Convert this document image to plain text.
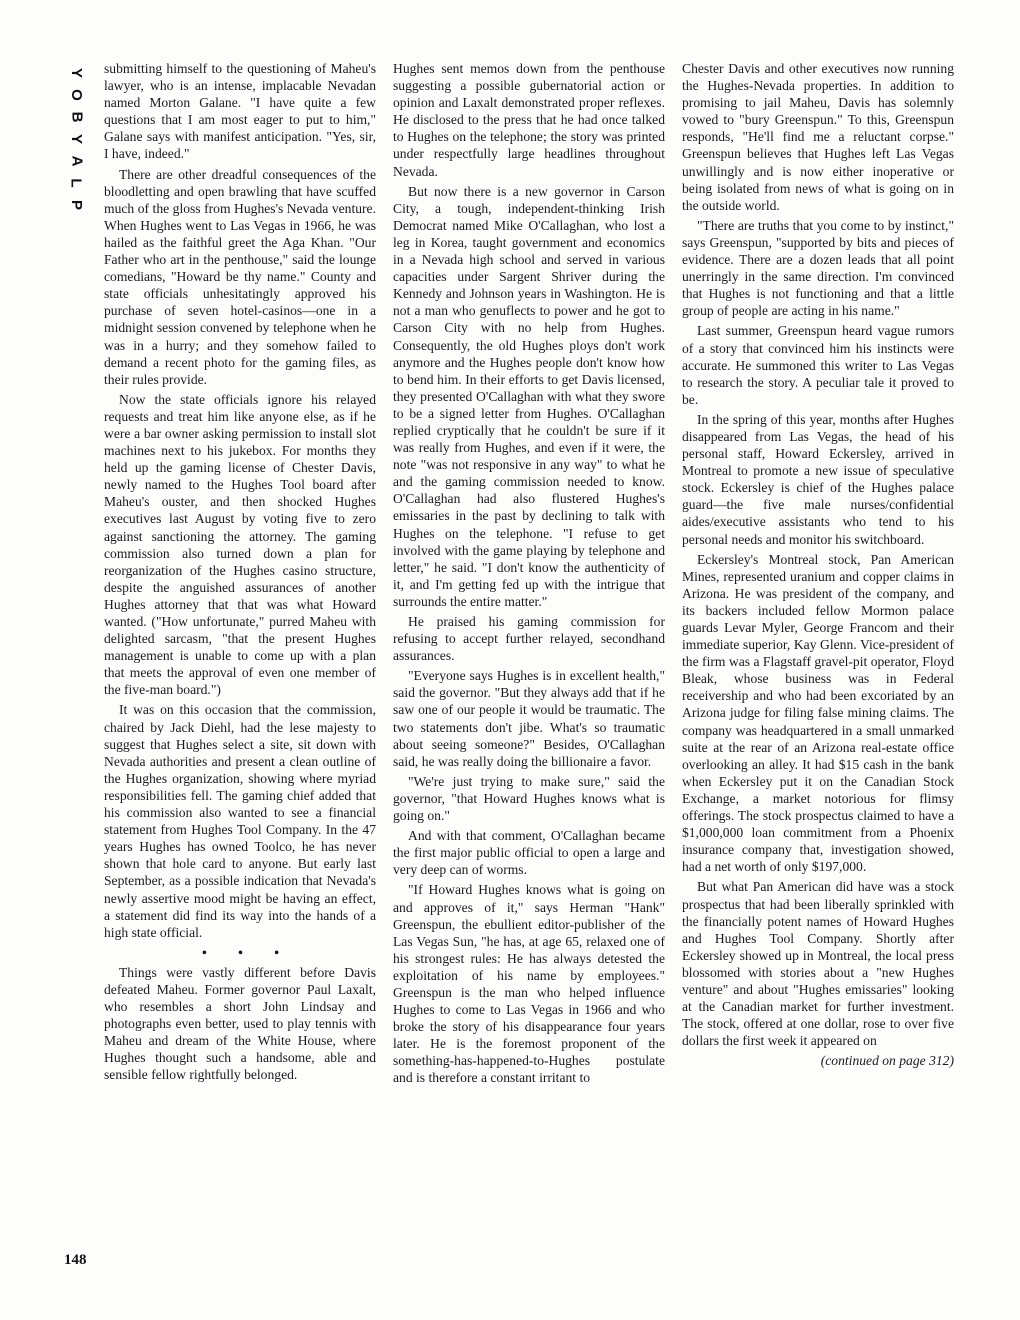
Y
O
B
Y
A
L
P
148

submitting himself to the questioning of Maheu's lawyer, who is an intense, implacable Nevadan named Morton Galane. "I have quite a few questions that I am most eager to put to him," Galane says with manifest anticipation. "Yes, sir, I have, indeed."

There are other dreadful consequences of the bloodletting and open brawling that have scuffed much of the gloss from Hughes's Nevada venture. When Hughes went to Las Vegas in 1966, he was hailed as the faithful greet the Aga Khan. "Our Father who art in the penthouse," said the lounge comedians, "Howard be thy name." County and state officials unhesitatingly approved his purchase of seven hotel-casinos—one in a midnight session convened by telephone when he was in a hurry; and they somehow failed to demand a recent photo for the gaming files, as their rules provide.

Now the state officials ignore his relayed requests and treat him like anyone else, as if he were a bar owner asking permission to install slot machines next to his jukebox. For months they held up the gaming license of Chester Davis, newly named to the Hughes Tool board after Maheu's ouster, and then shocked Hughes executives last August by voting five to zero against sanctioning the attorney. The gaming commission also turned down a plan for reorganization of the Hughes casino structure, despite the anguished assurances of another Hughes attorney that that was what Howard wanted. ("How unfortunate," purred Maheu with delighted sarcasm, "that the present Hughes management is unable to come up with a plan that meets the approval of even one member of the five-man board.")

It was on this occasion that the commission, chaired by Jack Diehl, had the lese majesty to suggest that Hughes select a site, sit down with Nevada authorities and present a clean outline of the Hughes organization, showing where myriad responsibilities fell. The gaming chief added that his commission also wanted to see a financial statement from Hughes Tool Company. In the 47 years Hughes has owned Toolco, he has never shown that hole card to anyone. But early last September, as a possible indication that Nevada's newly assertive mood might be having an effect, a statement did find its way into the hands of a high state official.

• • •

Things were vastly different before Davis defeated Maheu. Former governor Paul Laxalt, who resembles a short John Lindsay and photographs even better, used to play tennis with Maheu and dream of the White House, where Hughes thought such a handsome, able and sensible fellow rightfully belonged.

Hughes sent memos down from the penthouse suggesting a possible gubernatorial action or opinion and Laxalt demonstrated proper reflexes. He disclosed to the press that he had once talked to Hughes on the telephone; the story was printed under respectfully large headlines throughout Nevada.

But now there is a new governor in Carson City, a tough, independent-thinking Irish Democrat named Mike O'Callaghan, who lost a leg in Korea, taught government and economics in a Nevada high school and served in various capacities under Sargent Shriver during the Kennedy and Johnson years in Washington. He is not a man who genuflects to power and he got to Carson City with no help from Hughes. Consequently, the old Hughes ploys don't work anymore and the Hughes people don't know how to bend him. In their efforts to get Davis licensed, they presented O'Callaghan with what they swore to be a signed letter from Hughes. O'Callaghan replied cryptically that he couldn't be sure if it was really from Hughes, and even if it were, the note "was not responsive in any way" to what he and the gaming commission needed to know. O'Callaghan had also flustered Hughes's emissaries in the past by declining to talk with Hughes on the telephone. "I refuse to get involved with the game playing by telephone and letter," he said. "I don't know the authenticity of it, and I'm getting fed up with the intrigue that surrounds the entire matter."

He praised his gaming commission for refusing to accept further relayed, secondhand assurances.

"Everyone says Hughes is in excellent health," said the governor. "But they always add that if he saw one of our people it would be traumatic. The two statements don't jibe. What's so traumatic about seeing someone?" Besides, O'Callaghan said, he was really doing the billionaire a favor.

"We're just trying to make sure," said the governor, "that Howard Hughes knows what is going on."

And with that comment, O'Callaghan became the first major public official to open a large and very deep can of worms.

"If Howard Hughes knows what is going on and approves of it," says Herman "Hank" Greenspun, the ebullient editor-publisher of the Las Vegas Sun, "he has, at age 65, relaxed one of his strongest rules: He has always detested the exploitation of his name by employees." Greenspun is the man who helped influence Hughes to come to Las Vegas in 1966 and who broke the story of his disappearance four years later. He is the foremost proponent of the something-has-happened-to-Hughes postulate and is therefore a constant irritant to

Chester Davis and other executives now running the Hughes-Nevada properties. In addition to promising to jail Maheu, Davis has solemnly vowed to "bury Greenspun." To this, Greenspun responds, "He'll find me a reluctant corpse." Greenspun believes that Hughes left Las Vegas unwillingly and is now either inoperative or being isolated from news of what is going on in the outside world.

"There are truths that you come to by instinct," says Greenspun, "supported by bits and pieces of evidence. There are a dozen leads that all point unerringly in the same direction. I'm convinced that Hughes is not functioning and that a little group of people are acting in his name."

Last summer, Greenspun heard vague rumors of a story that convinced him his instincts were accurate. He summoned this writer to Las Vegas to research the story. A peculiar tale it proved to be.

In the spring of this year, months after Hughes disappeared from Las Vegas, the head of his personal staff, Howard Eckersley, arrived in Montreal to promote a new issue of speculative stock. Eckersley is chief of the Hughes palace guard—the five male nurses/confidential aides/executive assistants who tend to his personal needs and monitor his switchboard.

Eckersley's Montreal stock, Pan American Mines, represented uranium and copper claims in Arizona. He was president of the company, and its backers included fellow Mormon palace guards Levar Myler, George Francom and their immediate superior, Kay Glenn. Vice-president of the firm was a Flagstaff gravel-pit operator, Floyd Bleak, whose business was in Federal receivership and who had been excoriated by an Arizona judge for filing false mining claims. The company was headquartered in a small unmarked suite at the rear of an Arizona real-estate office overlooking an alley. It had $15 cash in the bank when Eckersley put it on the Canadian Stock Exchange, a market notorious for flimsy offerings. The stock prospectus claimed to have a $1,000,000 loan commitment from a Phoenix insurance company that, investigation showed, had a net worth of only $197,000.

But what Pan American did have was a stock prospectus that had been liberally sprinkled with the financially potent names of Howard Hughes and Hughes Tool Company. Shortly after Eckersley showed up in Montreal, the local press blossomed with stories about a "new Hughes venture" and about "Hughes emissaries" looking at the Canadian market for further investment. The stock, offered at one dollar, rose to over five dollars the first week it appeared on

(continued on page 312)
